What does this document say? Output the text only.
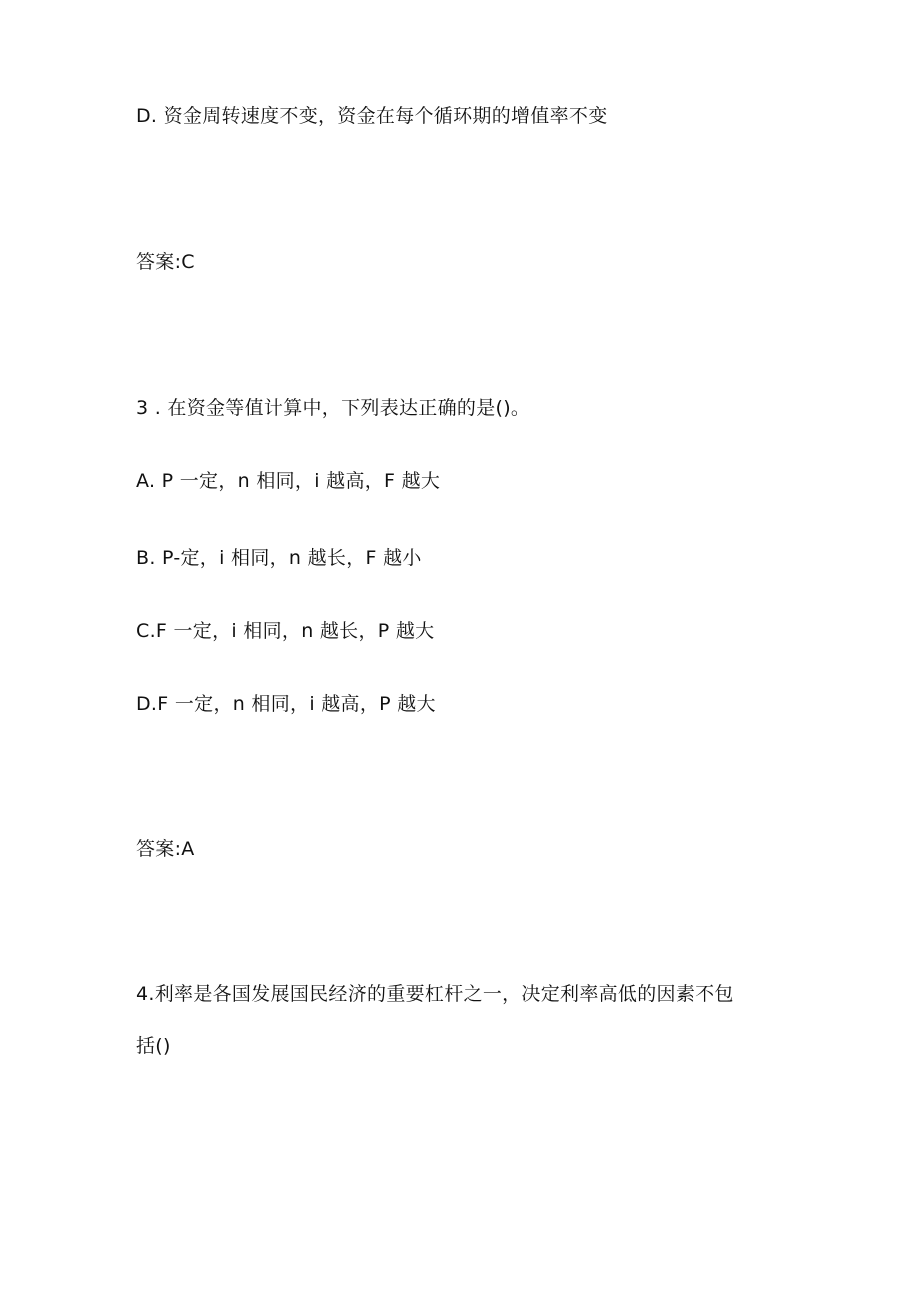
D. 资金周转速度不变，资金在每个循环期的增值率不变
答案:C
3 . 在资金等值计算中，下列表达正确的是()。
A. P 一定，n 相同，i 越高，F 越大
B. P-定，i 相同，n 越长，F 越小
C.F 一定，i 相同，n 越长，P 越大
D.F 一定，n 相同，i 越高，P 越大
答案:A
4.利率是各国发展国民经济的重要杠杆之一，决定利率高低的因素不包
括()
